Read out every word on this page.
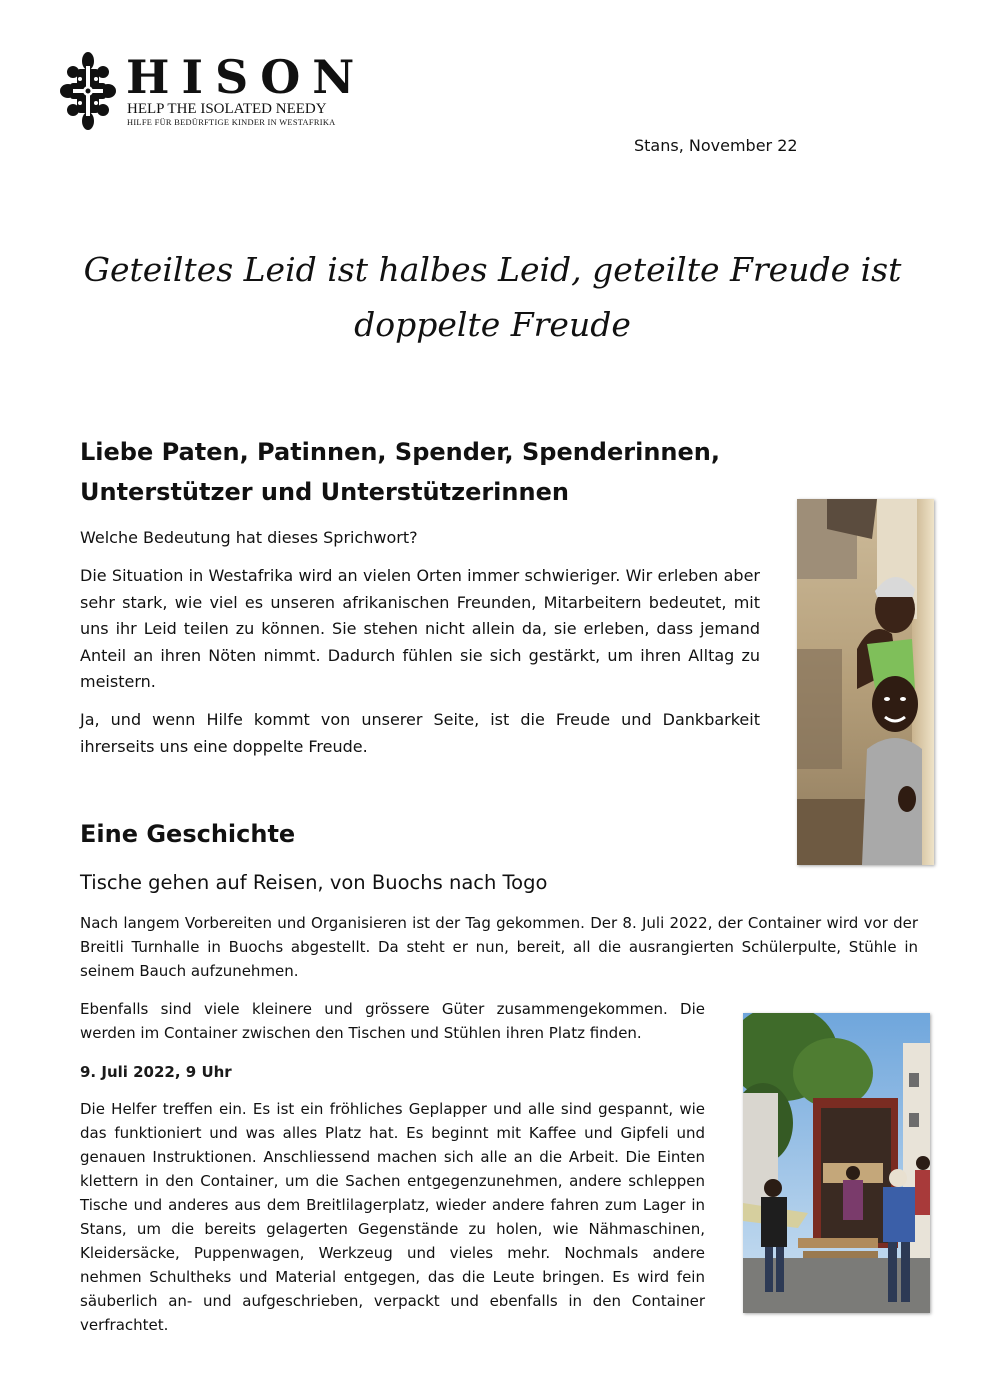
HISON
HELP THE ISOLATED NEEDY
HILFE FÜR BEDÜRFTIGE KINDER IN WESTAFRIKA
Stans, November 22
Geteiltes Leid ist halbes Leid, geteilte Freude ist doppelte Freude
Liebe Paten, Patinnen, Spender, Spenderinnen, Unterstützer und Unterstützerinnen
Welche Bedeutung hat dieses Sprichwort?
Die Situation in Westafrika wird an vielen Orten immer schwieriger. Wir erleben aber sehr stark, wie viel es unseren afrikanischen Freunden, Mitarbeitern bedeutet, mit uns ihr Leid teilen zu können. Sie stehen nicht allein da, sie erleben, dass jemand Anteil an ihren Nöten nimmt. Dadurch fühlen sie sich gestärkt, um ihren Alltag zu meistern.
Ja, und wenn Hilfe kommt von unserer Seite, ist die Freude und Dankbarkeit ihrerseits uns eine doppelte Freude.
Eine Geschichte
Tische gehen auf Reisen, von Buochs nach Togo
Nach langem Vorbereiten und Organisieren ist der Tag gekommen. Der 8. Juli 2022, der Container wird vor der Breitli Turnhalle in Buochs abgestellt. Da steht er nun, bereit, all die ausrangierten Schülerpulte, Stühle in seinem Bauch aufzunehmen.
Ebenfalls sind viele kleinere und grössere Güter zusammengekommen. Die werden im Container zwischen den Tischen und Stühlen ihren Platz finden.
9. Juli 2022, 9 Uhr
Die Helfer treffen ein. Es ist ein fröhliches Geplapper und alle sind gespannt, wie das funktioniert und was alles Platz hat. Es beginnt mit Kaffee und Gipfeli und genauen Instruktionen. Anschliessend machen sich alle an die Arbeit. Die Einten klettern in den Container, um die Sachen entgegenzunehmen, andere schleppen Tische und anderes aus dem Breitlilagerplatz, wieder andere fahren zum Lager in Stans, um die bereits gelagerten Gegenstände zu holen, wie Nähmaschinen, Kleidersäcke, Puppenwagen, Werkzeug und vieles mehr. Nochmals andere nehmen Schultheks und Material entgegen, das die Leute bringen. Es wird fein säuberlich an- und aufgeschrieben, verpackt und ebenfalls in den Container verfrachtet.
